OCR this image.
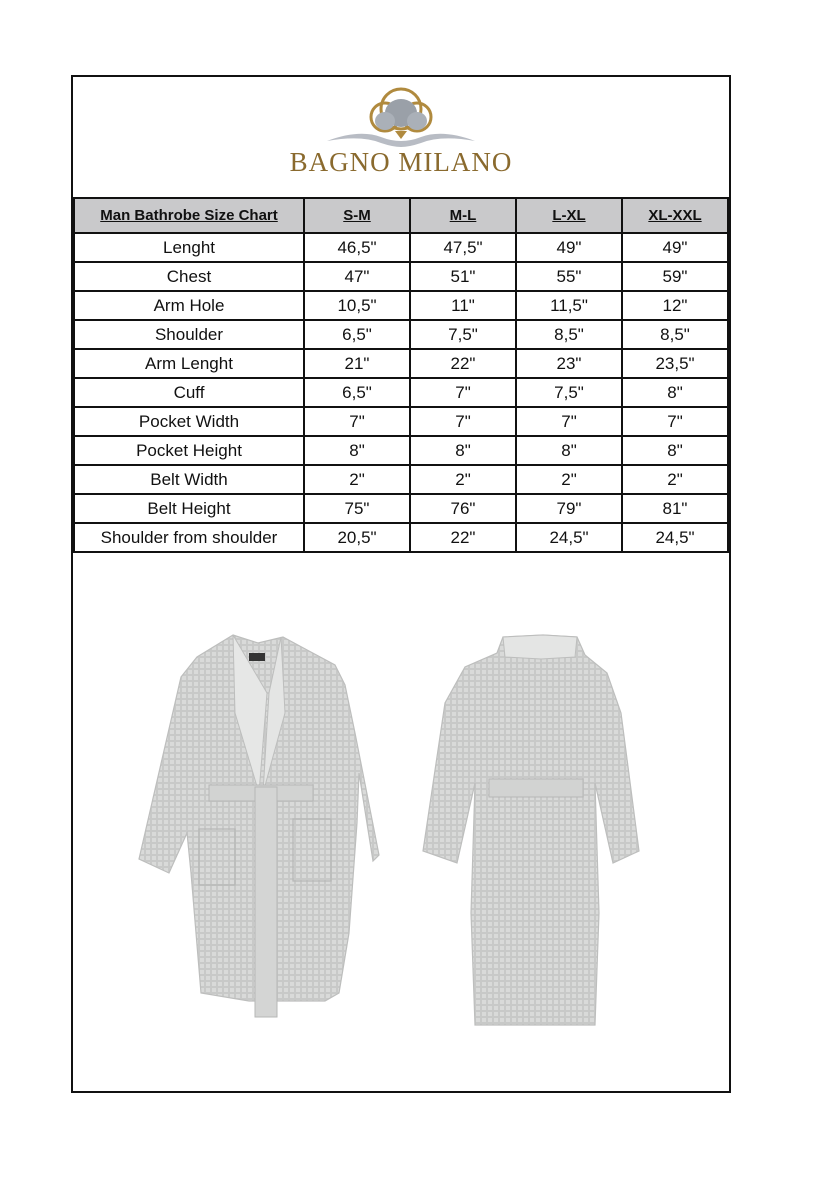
BAGNO MILANO
Man Bathrobe Size Chart	S-M	M-L	L-XL	XL-XXL
Lenght	46,5"	47,5"	49"	49"
Chest	47"	51"	55"	59"
Arm Hole	10,5"	11"	11,5"	12"
Shoulder	6,5"	7,5"	8,5"	8,5"
Arm Lenght	21"	22"	23"	23,5"
Cuff	6,5"	7"	7,5"	8"
Pocket Width	7"	7"	7"	7"
Pocket Height	8"	8"	8"	8"
Belt Width	2"	2"	2"	2"
Belt Height	75"	76"	79"	81"
Shoulder from shoulder	20,5"	22"	24,5"	24,5"
